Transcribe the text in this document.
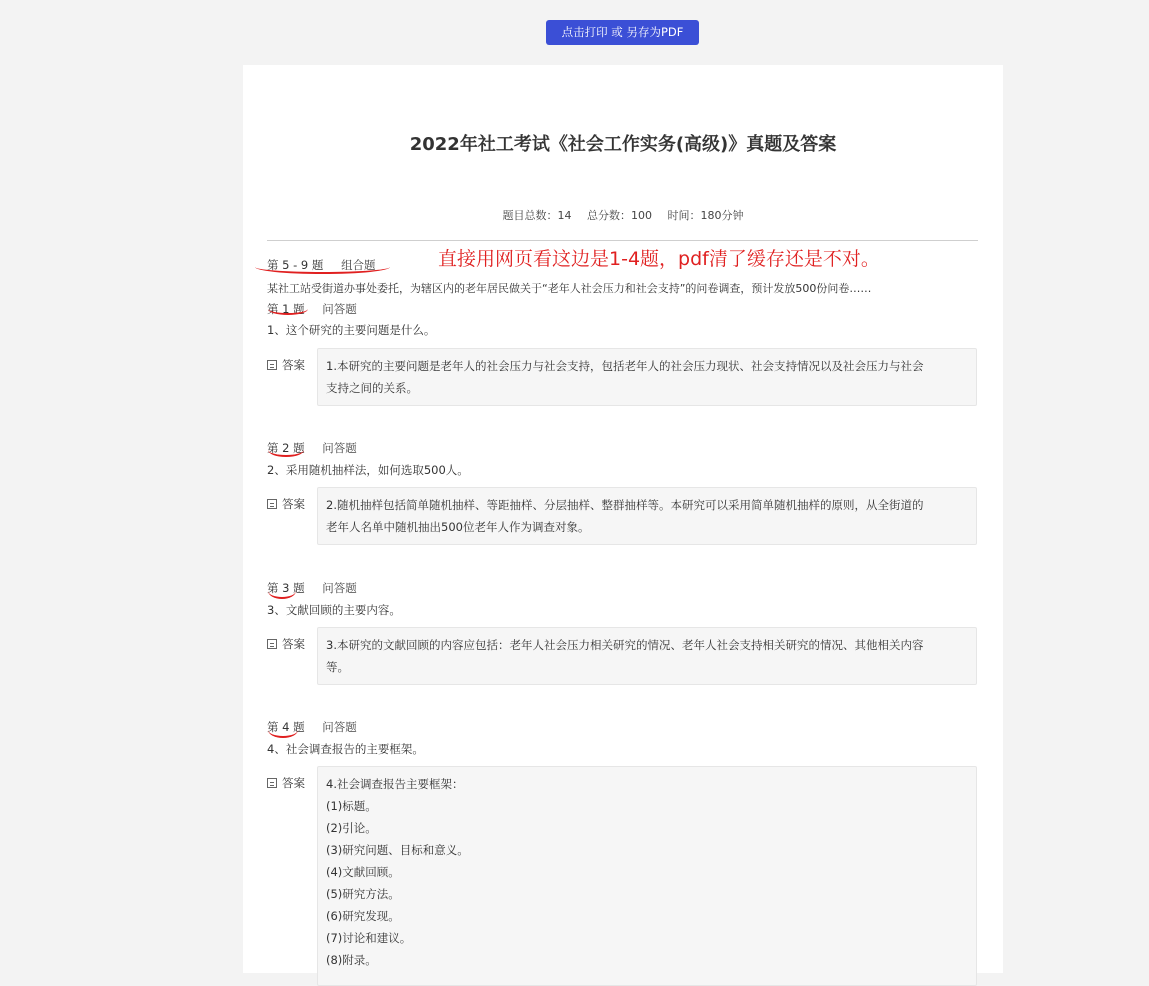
点击打印 或 另存为PDF
2022年社工考试《社会工作实务(高级)》真题及答案
题目总数：14 总分数：100 时间：180分钟
第 5 - 9 题 组合题
某社工站受街道办事处委托，为辖区内的老年居民做关于“老年人社会压力和社会支持”的问卷调查，预计发放500份问卷……
第 1 题 问答题
1、这个研究的主要问题是什么。
答案 1.本研究的主要问题是老年人的社会压力与社会支持，包括老年人的社会压力现状、社会支持情况以及社会压力与社会
支持之间的关系。
第 2 题 问答题
2、采用随机抽样法，如何选取500人。
答案 2.随机抽样包括简单随机抽样、等距抽样、分层抽样、整群抽样等。本研究可以采用简单随机抽样的原则，从全街道的
老年人名单中随机抽出500位老年人作为调查对象。
第 3 题 问答题
3、文献回顾的主要内容。
答案 3.本研究的文献回顾的内容应包括：老年人社会压力相关研究的情况、老年人社会支持相关研究的情况、其他相关内容
等。
第 4 题 问答题
4、社会调查报告的主要框架。
答案 4.社会调查报告主要框架：
(1)标题。
(2)引论。
(3)研究问题、目标和意义。
(4)文献回顾。
(5)研究方法。
(6)研究发现。
(7)讨论和建议。
(8)附录。
直接用网页看这边是1-4题，pdf清了缓存还是不对。
